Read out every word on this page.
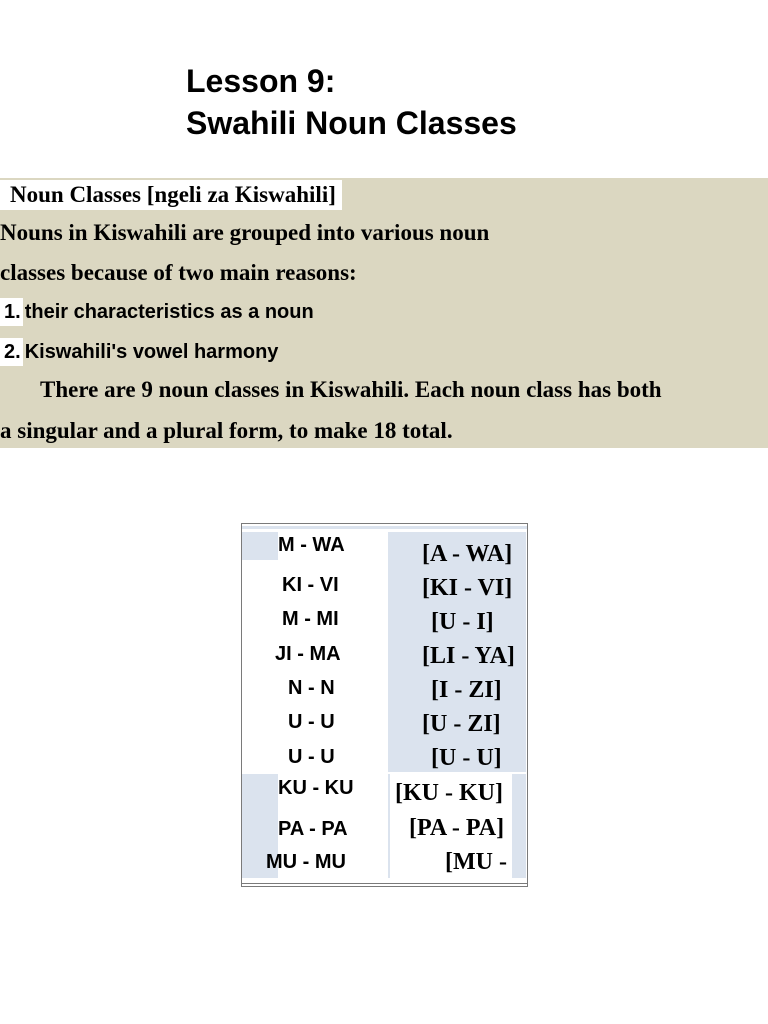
Lesson 9:
Swahili Noun Classes

Noun Classes [ngeli za Kiswahili]

Nouns in Kiswahili are grouped into various noun

classes because of two main reasons:

1. their characteristics as a noun
2. Kiswahili's vowel harmony

There are 9 noun classes in Kiswahili. Each noun class has both

a singular and a plural form, to make 18 total.

M - WA
KI - VI
M - MI
JI - MA
N - N
U - U
U - U
KU - KU
PA - PA
MU - MU
[A - WA]
[KI - VI]
[U - I]
[LI - YA]
[I - ZI]
[U - ZI]
[U - U]
[KU - KU]
[PA - PA]
[MU -
